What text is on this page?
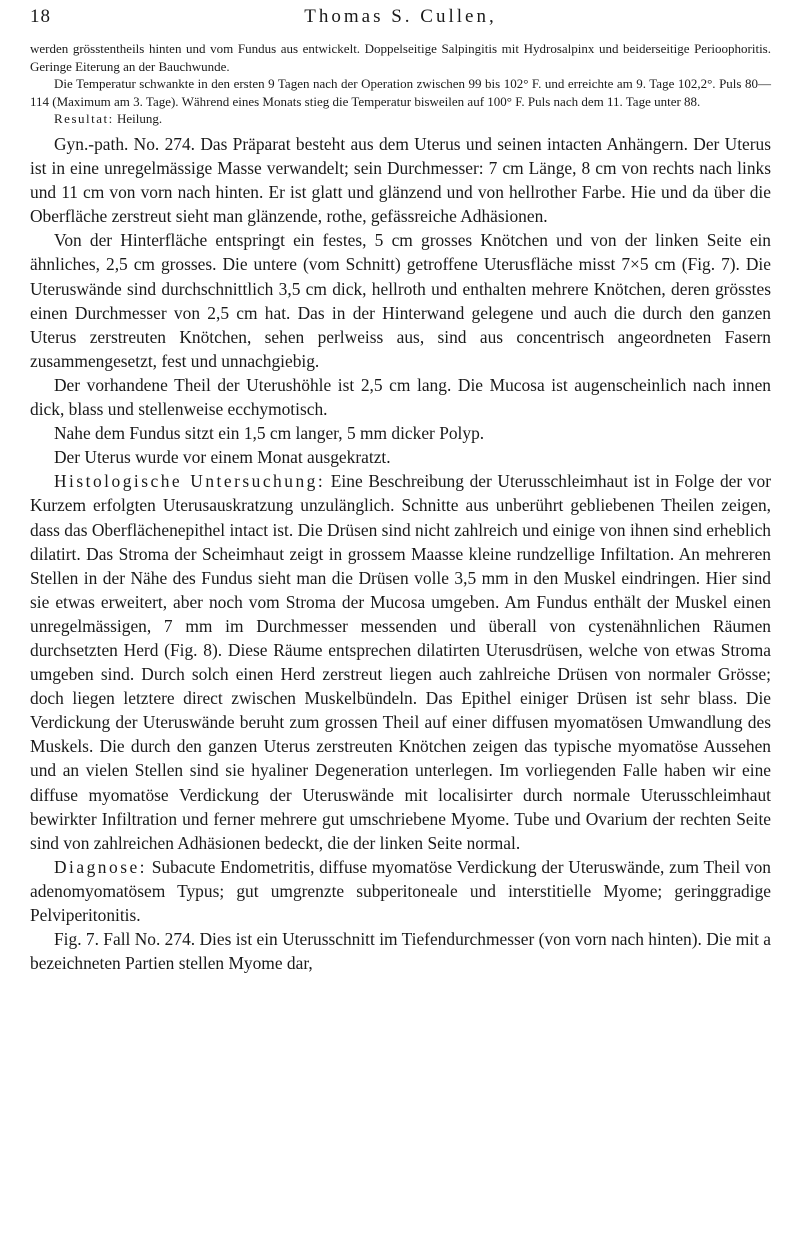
18	Thomas S. Cullen,

werden grösstentheils hinten und vom Fundus aus entwickelt. Doppelseitige Salpingitis mit Hydrosalpinx und beiderseitige Perioophoritis. Geringe Eiterung an der Bauchwunde.

Die Temperatur schwankte in den ersten 9 Tagen nach der Operation zwischen 99 bis 102° F. und erreichte am 9. Tage 102,2°. Puls 80—114 (Maximum am 3. Tage). Während eines Monats stieg die Temperatur bisweilen auf 100° F. Puls nach dem 11. Tage unter 88.

Resultat: Heilung.

Gyn.-path. No. 274. Das Präparat besteht aus dem Uterus und seinen intacten Anhängern. Der Uterus ist in eine unregelmässige Masse verwandelt; sein Durchmesser: 7 cm Länge, 8 cm von rechts nach links und 11 cm von vorn nach hinten. Er ist glatt und glänzend und von hellrother Farbe. Hie und da über die Oberfläche zerstreut sieht man glänzende, rothe, gefässreiche Adhäsionen.

Von der Hinterfläche entspringt ein festes, 5 cm grosses Knötchen und von der linken Seite ein ähnliches, 2,5 cm grosses. Die untere (vom Schnitt) getroffene Uterusfläche misst 7×5 cm (Fig. 7). Die Uteruswände sind durchschnittlich 3,5 cm dick, hellroth und enthalten mehrere Knötchen, deren grösstes einen Durchmesser von 2,5 cm hat. Das in der Hinterwand gelegene und auch die durch den ganzen Uterus zerstreuten Knötchen, sehen perlweiss aus, sind aus concentrisch angeordneten Fasern zusammengesetzt, fest und unnachgiebig.

Der vorhandene Theil der Uterushöhle ist 2,5 cm lang. Die Mucosa ist augenscheinlich nach innen dick, blass und stellenweise ecchymotisch.

Nahe dem Fundus sitzt ein 1,5 cm langer, 5 mm dicker Polyp.

Der Uterus wurde vor einem Monat ausgekratzt.

Histologische Untersuchung: Eine Beschreibung der Uterusschleimhaut ist in Folge der vor Kurzem erfolgten Uterusauskratzung unzulänglich. Schnitte aus unberührt gebliebenen Theilen zeigen, dass das Oberflächenepithel intact ist. Die Drüsen sind nicht zahlreich und einige von ihnen sind erheblich dilatirt. Das Stroma der Scheimhaut zeigt in grossem Maasse kleine rundzellige Infiltation. An mehreren Stellen in der Nähe des Fundus sieht man die Drüsen volle 3,5 mm in den Muskel eindringen. Hier sind sie etwas erweitert, aber noch vom Stroma der Mucosa umgeben. Am Fundus enthält der Muskel einen unregelmässigen, 7 mm im Durchmesser messenden und überall von cystenähnlichen Räumen durchsetzten Herd (Fig. 8). Diese Räume entsprechen dilatirten Uterusdrüsen, welche von etwas Stroma umgeben sind. Durch solch einen Herd zerstreut liegen auch zahlreiche Drüsen von normaler Grösse; doch liegen letztere direct zwischen Muskelbündeln. Das Epithel einiger Drüsen ist sehr blass. Die Verdickung der Uteruswände beruht zum grossen Theil auf einer diffusen myomatösen Umwandlung des Muskels. Die durch den ganzen Uterus zerstreuten Knötchen zeigen das typische myomatöse Aussehen und an vielen Stellen sind sie hyaliner Degeneration unterlegen. Im vorliegenden Falle haben wir eine diffuse myomatöse Verdickung der Uteruswände mit localisirter durch normale Uterusschleimhaut bewirkter Infiltration und ferner mehrere gut umschriebene Myome. Tube und Ovarium der rechten Seite sind von zahlreichen Adhäsionen bedeckt, die der linken Seite normal.

Diagnose: Subacute Endometritis, diffuse myomatöse Verdickung der Uteruswände, zum Theil von adenomyomatösem Typus; gut umgrenzte subperitoneale und interstitielle Myome; geringgradige Pelviperitonitis.

Fig. 7. Fall No. 274. Dies ist ein Uterusschnitt im Tiefendurchmesser (von vorn nach hinten). Die mit a bezeichneten Partien stellen Myome dar,
